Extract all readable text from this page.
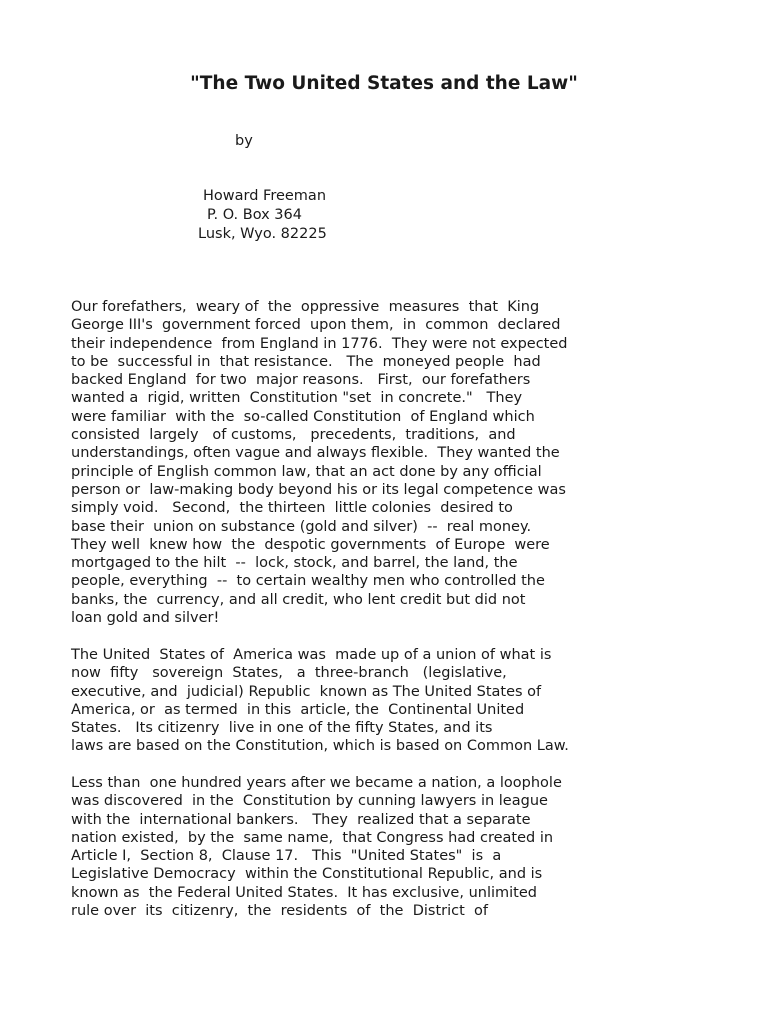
"The Two United States and the Law"
by
Howard Freeman
P. O. Box 364
Lusk, Wyo. 82225
Our forefathers,  weary of  the  oppressive  measures  that  King
George III's  government forced  upon them,  in  common  declared
their independence  from England in 1776.  They were not expected
to be  successful in  that resistance.   The  moneyed people  had
backed England  for two  major reasons.   First,  our forefathers
wanted a  rigid, written  Constitution "set  in concrete."   They
were familiar  with the  so-called Constitution  of England which
consisted  largely   of customs,   precedents,  traditions,  and
understandings, often vague and always flexible.  They wanted the
principle of English common law, that an act done by any official
person or  law-making body beyond his or its legal competence was
simply void.   Second,  the thirteen  little colonies  desired to
base their  union on substance (gold and silver)  --  real money.
They well  knew how  the  despotic governments  of Europe  were
mortgaged to the hilt  --  lock, stock, and barrel, the land, the
people, everything  --  to certain wealthy men who controlled the
banks, the  currency, and all credit, who lent credit but did not
loan gold and silver!
The United  States of  America was  made up of a union of what is
now  fifty   sovereign  States,   a  three-branch   (legislative,
executive, and  judicial) Republic  known as The United States of
America, or  as termed  in this  article, the  Continental United
States.   Its citizenry  live in one of the fifty States, and its
laws are based on the Constitution, which is based on Common Law.
Less than  one hundred years after we became a nation, a loophole
was discovered  in the  Constitution by cunning lawyers in league
with the  international bankers.   They  realized that a separate
nation existed,  by the  same name,  that Congress had created in
Article I,  Section 8,  Clause 17.   This  "United States"  is  a
Legislative Democracy  within the Constitutional Republic, and is
known as  the Federal United States.  It has exclusive, unlimited
rule over  its  citizenry,  the  residents  of  the  District  of
